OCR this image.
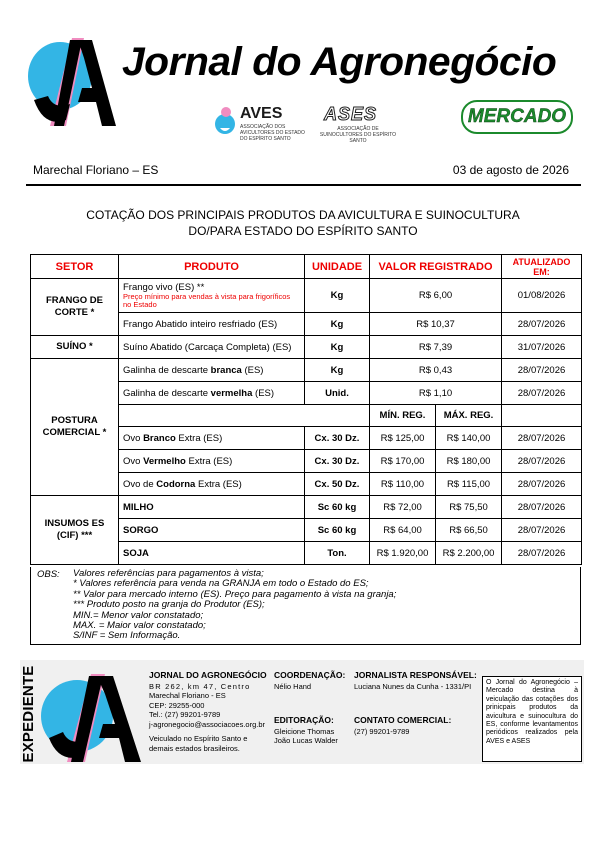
Jornal do Agronegócio
AVES
ASSOCIAÇÃO DOS AVICULTORES DO ESTADO DO ESPÍRITO SANTO
ASES
ASSOCIAÇÃO DE SUINOCULTORES DO ESPÍRITO SANTO
MERCADO
Marechal Floriano – ES	03 de agosto de 2026
COTAÇÃO DOS PRINCIPAIS PRODUTOS DA AVICULTURA E SUINOCULTURA
DO/PARA ESTADO DO ESPÍRITO SANTO
SETOR	PRODUTO	UNIDADE	VALOR REGISTRADO		ATUALIZADO EM:
FRANGO DE CORTE *	Frango vivo (ES) **
Preço mínimo para vendas à vista para frigoríficos no Estado	Kg	R$ 6,00		01/08/2026
	Frango Abatido inteiro resfriado (ES)	Kg	R$ 10,37		28/07/2026
SUÍNO *	Suíno Abatido (Carcaça Completa) (ES)	Kg	R$ 7,39		31/07/2026
POSTURA COMERCIAL *	Galinha de descarte branca (ES)	Kg	R$ 0,43		28/07/2026
	Galinha de descarte vermelha (ES)	Unid.	R$ 1,10		28/07/2026
			MÍN. REG.	MÁX. REG.	
	Ovo Branco Extra (ES)	Cx. 30 Dz.	R$ 125,00	R$ 140,00	28/07/2026
	Ovo Vermelho Extra (ES)	Cx. 30 Dz.	R$ 170,00	R$ 180,00	28/07/2026
	Ovo de Codorna Extra (ES)	Cx. 50 Dz.	R$ 110,00	R$ 115,00	28/07/2026
INSUMOS ES (CIF) ***	MILHO	Sc 60 kg	R$ 72,00	R$ 75,50	28/07/2026
	SORGO	Sc 60 kg	R$ 64,00	R$ 66,50	28/07/2026
	SOJA	Ton.	R$ 1.920,00	R$ 2.200,00	28/07/2026
OBS: Valores referências para pagamentos à vista;
* Valores referência para venda na GRANJA em todo o Estado do ES;
** Valor para mercado interno (ES). Preço para pagamento à vista na granja;
*** Produto posto na granja do Produtor (ES);
MIN.= Menor valor constatado;
MAX. = Maior valor constatado;
S/INF = Sem Informação.
EXPEDIENTE	JORNAL DO AGRONEGÓCIO
BR 262, km 47, Centro
Marechal Floriano - ES
CEP: 29255-000
Tel.: (27) 99201-9789
j-agronegocio@associacoes.org.br
Veiculado no Espírito Santo e demais estados brasileiros.
COORDENAÇÃO:
Nélio Hand
EDITORAÇÃO:
Gleicione Thomas
João Lucas Walder
JORNALISTA RESPONSÁVEL:
Luciana Nunes da Cunha - 1331/PI
CONTATO COMERCIAL:
(27) 99201-9789
O Jornal do Agronegócio – Mercado destina à veiculação das cotações dos prinicpais produtos da avicultura e suinocultura do ES, conforme levantamentos periódicos realizados pela AVES e ASES
